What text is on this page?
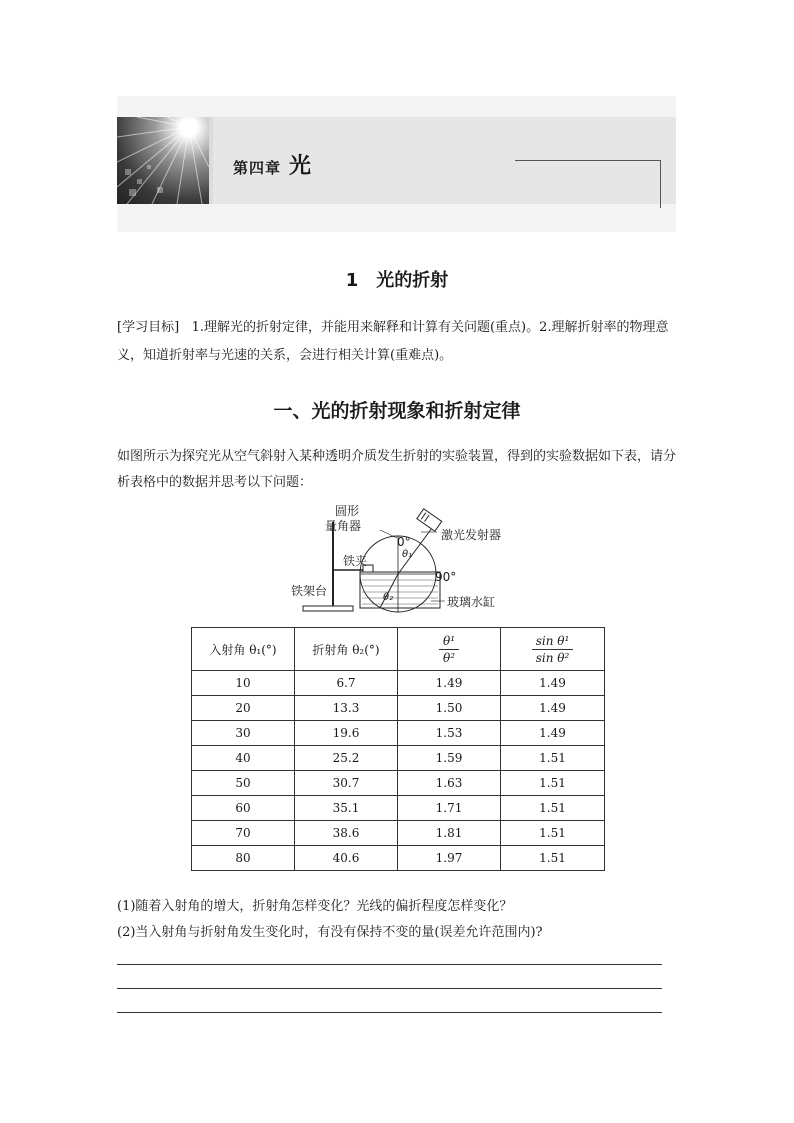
第四章 光
1　光的折射
[学习目标] 1.理解光的折射定律，并能用来解释和计算有关问题(重点)。2.理解折射率的物理意义，知道折射率与光速的关系，会进行相关计算(重难点)。
一、光的折射现象和折射定律
如图所示为探究光从空气斜射入某种透明介质发生折射的实验装置，得到的实验数据如下表，请分析表格中的数据并思考以下问题：
圆形
量角器
0°	激光发射器
铁夹	θ₁
90°
铁架台	θ₂	玻璃水缸
入射角 θ₁(°)	折射角 θ₂(°)	$\frac{\text{θ¹}}{\text{θ²}}$	$\frac{\text{sin θ¹}}{\text{sin θ²}}$

10	6.7	1.49	1.49
20	13.3	1.50	1.49
30	19.6	1.53	1.49
40	25.2	1.59	1.51
50	30.7	1.63	1.51
60	35.1	1.71	1.51
70	38.6	1.81	1.51
80	40.6	1.97	1.51
(1)随着入射角的增大，折射角怎样变化？光线的偏折程度怎样变化？
(2)当入射角与折射角发生变化时，有没有保持不变的量(误差允许范围内)?
